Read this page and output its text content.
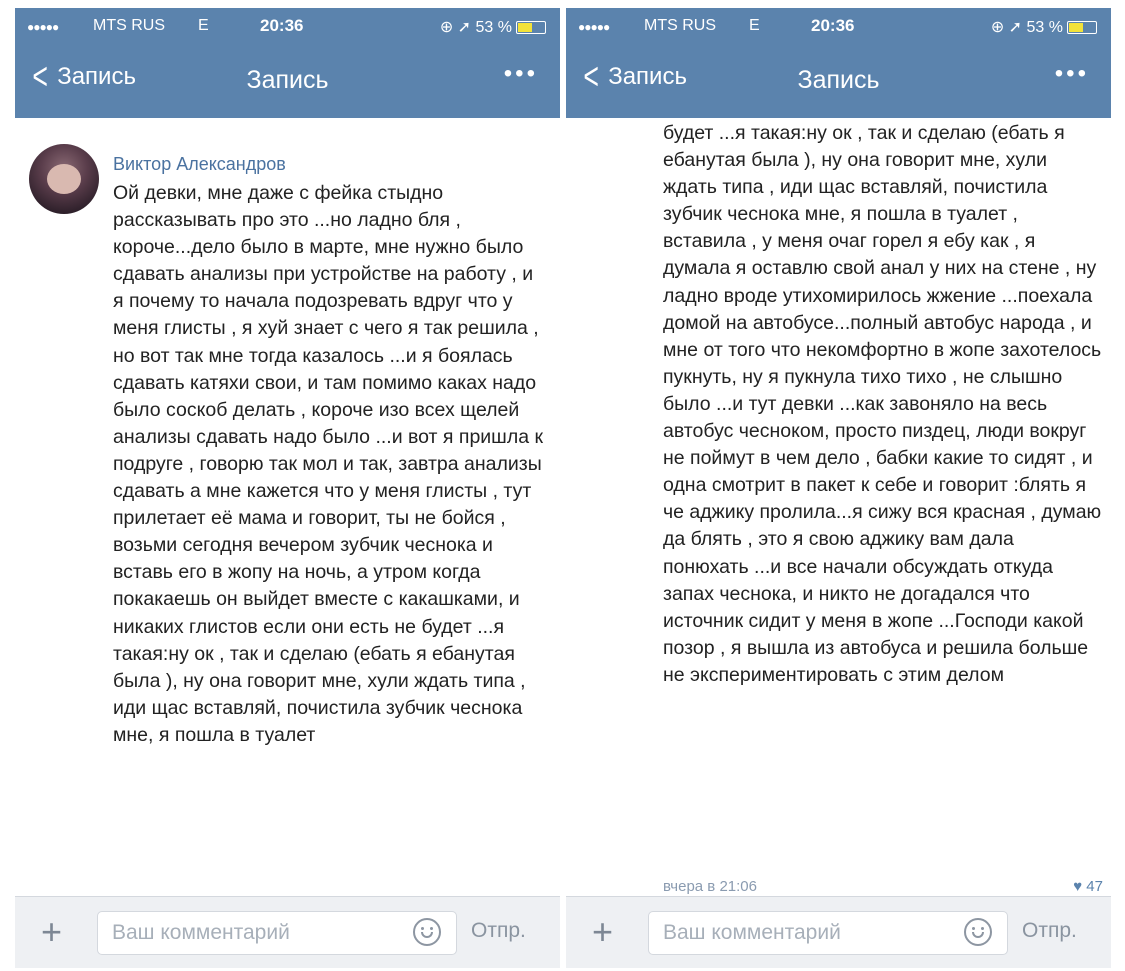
●●●●● MTS RUS E	20:36	⊕ ➚ 53 %
< Запись	Запись	•••
Виктор Александров

Ой девки, мне даже с фейка стыдно рассказывать про это ...но ладно бля , короче...дело было в марте, мне нужно было сдавать анализы при устройстве на работу , и я почему то начала подозревать вдруг что у меня глисты , я хуй знает с чего я так решила , но вот так мне тогда казалось ...и я боялась сдавать катяхи свои, и там помимо каках надо было соскоб делать , короче изо всех щелей анализы сдавать надо было ...и вот я пришла к подруге , говорю так мол и так, завтра анализы сдавать а мне кажется что у меня глисты , тут прилетает её мама и говорит, ты не бойся , возьми сегодня вечером зубчик чеснока и вставь его в жопу на ночь, а утром когда покакаешь он выйдет вместе с какашками, и никаких глистов если они есть не будет ...я такая:ну ок , так и сделаю (ебать я ебанутая была ), ну она говорит мне, хули ждать типа , иди щас вставляй, почистила зубчик чеснока мне, я пошла в туалет

+
Ваш комментарий	Отпр.
●●●●● MTS RUS E	20:36	⊕ ➚ 53 %
< Запись	Запись	•••

будет ...я такая:ну ок , так и сделаю (ебать я ебанутая была ), ну она говорит мне, хули ждать типа , иди щас вставляй, почистила зубчик чеснока мне, я пошла в туалет , вставила , у меня очаг горел я ебу как , я думала я оставлю свой анал у них на стене , ну ладно вроде утихомирилось жжение ...поехала домой на автобусе...полный автобус народа , и мне от того что некомфортно в жопе захотелось пукнуть, ну я пукнула тихо тихо , не слышно было ...и тут девки ...как завоняло на весь автобус чесноком, просто пиздец, люди вокруг не поймут в чем дело , бабки какие то сидят , и одна смотрит в пакет к себе и говорит :блять я че аджику пролила...я сижу вся красная , думаю да блять , это я свою аджику вам дала понюхать ...и все начали обсуждать откуда запах чеснока, и никто не догадался что источник сидит у меня в жопе ...Господи какой позор , я вышла из автобуса и решила больше не экспериментировать с этим делом

вчера в 21:06	♥ 47
+
Ваш комментарий	Отпр.
